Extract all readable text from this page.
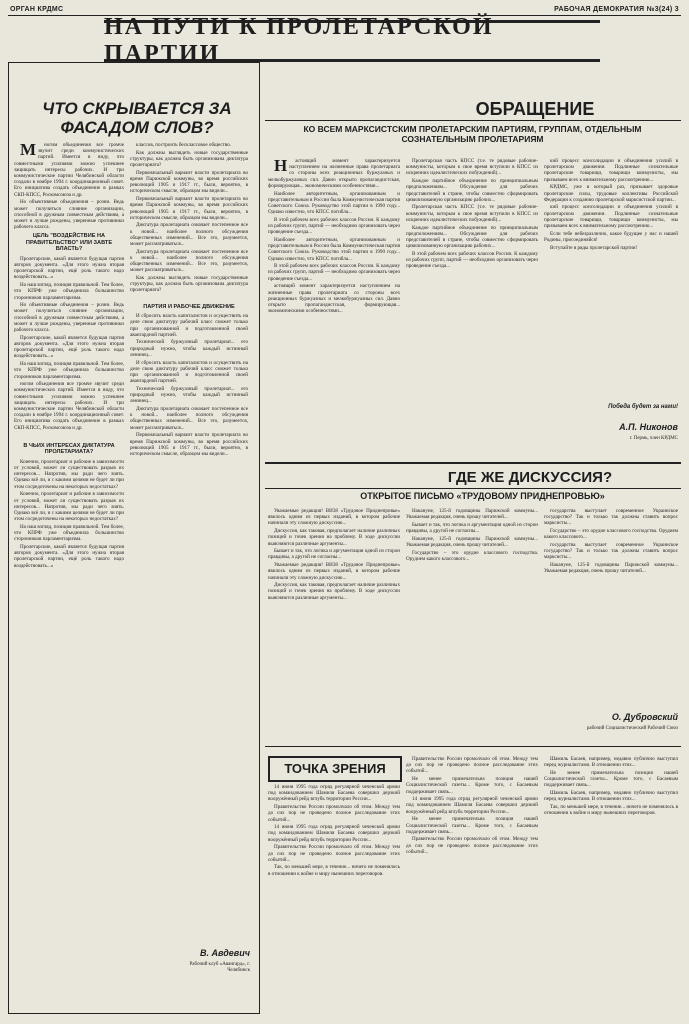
ОРГАН КРДМС	РАБОЧАЯ ДЕМОКРАТИЯ №3(24) 3
НА ПУТИ К ПРОЛЕТАРСКОЙ ПАРТИИ
ЧТО СКРЫВАЕТСЯ ЗА ФАСАДОМ СЛОВ?

М ногим объединения все громче звучит среди коммунистических партий. Имеется в виду, что совместными усилиями можно успешнее защищать интересы рабочих. И три коммунистические партии Челябинской области создали в ноябре 1994 г. координационный совет. Его инициатива создать объединение в рамках СКП-КПСС, Роскомсоюза и др.

Но объективные объединения – розни. Ведь может получиться слияние организации, способной в дружным совместным действиям, а может и лучше рождены, уверенные противники рабочего класса.

ЦЕЛЬ "ВОЗДЕЙСТВИЕ НА ПРАВИТЕЛЬСТВО" ИЛИ ЗАВТЕ ВЛАСТЬ?

Пролетарские, какой является будущая партия авторов документа. «Для этого нужна вторая пролетарской партии, ещё роль такого надо воздействовать...»

На наш взгляд, позиция правильной. Тем более, что КПРФ уже объединила большинство сторонников парламентаризма.

Но объективные объединения – розни. Ведь может получиться слияние организации, способной в дружным совместным действиям, а может и лучше рождены, уверенные противники рабочего класса.

Пролетарские, какой является будущая партия авторов документа. «Для этого нужна вторая пролетарской партии, ещё роль такого надо воздействовать...»

На наш взгляд, позиция правильной. Тем более, что КПРФ уже объединила большинство сторонников парламентаризма.

ногим объединения все громче звучит среди коммунистических партий. Имеется в виду, что совместными усилиями можно успешнее защищать интересы рабочих. И три коммунистические партии Челябинской области создали в ноябре 1994 г. координационный совет. Его инициатива создать объединение в рамках СКП-КПСС, Роскомсоюза и др.

В ЧЬИХ ИНТЕРЕСАХ ДИКТАТУРА ПРОЛЕТАРИАТА?

Конечно, пролетариат и рабочие в зависимости от условий, может ли существовать разрыв их интересов... Напротив, мы ради чего взять. Однако всё ли, и с какими целями не будет ли при этом сосредоточены на некоторых недостатках?

Конечно, пролетариат и рабочие в зависимости от условий, может ли существовать разрыв их интересов... Напротив, мы ради чего взять. Однако всё ли, и с какими целями не будет ли при этом сосредоточены на некоторых недостатках?

На наш взгляд, позиция правильной. Тем более, что КПРФ уже объединила большинство сторонников парламентаризма.

Пролетарские, какой является будущая партия авторов документа. «Для этого нужна вторая пролетарской партии, ещё роль такого надо воздействовать...»

классов, построить бесклассовое общество.

Как должны выглядеть новые государственные структуры, как должна быть организована диктатура пролетариата?

Первоначальный вариант власти пролетариата во время Парижской коммуны, во время российских революций 1905 и 1917 гг., были, вероятно, в историческом смысле, образцом мы видели...

Первоначальный вариант власти пролетариата во время Парижской коммуны, во время российских революций 1905 и 1917 гг., были, вероятно, в историческом смысле, образцом мы видели...

Диктатура пролетариата означает постепенное все к новой... наиболее полного обсуждения общественных изменений... Все это, разумеется, может рассматриваться...

Диктатура пролетариата означает постепенное все к новой... наиболее полного обсуждения общественных изменений... Все это, разумеется, может рассматриваться...

Как должны выглядеть новые государственные структуры, как должна быть организована диктатура пролетариата?

ПАРТИЯ И РАБОЧЕЕ ДВИЖЕНИЕ

И сбросить власть капиталистов и осуществить на деле свою диктатуру рабочий класс сможет только при организованной и подготовленной своей авангардной партией.

Технический буржуазный пролетариат... его природный нужно, чтобы каждый истинный ленинец...

И сбросить власть капиталистов и осуществить на деле свою диктатуру рабочий класс сможет только при организованной и подготовленной своей авангардной партией.

Технический буржуазный пролетариат... его природный нужно, чтобы каждый истинный ленинец...

Диктатура пролетариата означает постепенное все к новой... наиболее полного обсуждения общественных изменений... Все это, разумеется, может рассматриваться...

Первоначальный вариант власти пролетариата во время Парижской коммуны, во время российских революций 1905 и 1917 гг., были, вероятно, в историческом смысле, образцом мы видели...

В. Авдевич
Рабочий клуб «Авангард», г. Челябинск
ОБРАЩЕНИЕ
КО ВСЕМ МАРКСИСТСКИМ ПРОЛЕТАРСКИМ ПАРТИЯМ, ГРУППАМ, ОТДЕЛЬНЫМ СОЗНАТЕЛЬНЫМ ПРОЛЕТАРИЯМ

Н астоящий момент характеризуется наступлением на жизненные права пролетариата со стороны всех реакционных буржуазных и мелкобуржуазных сил. Давно открыто пропагандистская, формирующая... экономическими особенностями...

Наиболее авторитетным, организованным и представительным в России была Коммунистическая партия Советского Союза. Руководство этой партии в 1990 году... Однако известно, что КПСС погибла...

В этой рабочем всех рабочих классов России. К каждому из рабочих групп, партий — необходимо организовать через проведение съезда...

Наиболее авторитетным, организованным и представительным в России была Коммунистическая партия Советского Союза. Руководство этой партии в 1990 году... Однако известно, что КПСС погибла...

В этой рабочем всех рабочих классов России. К каждому из рабочих групп, партий — необходимо организовать через проведение съезда...

астоящий момент характеризуется наступлением на жизненные права пролетариата со стороны всех реакционных буржуазных и мелкобуржуазных сил. Давно открыто пропагандистская, формирующая... экономическими особенностями...

Пролетарская часть КПСС (т.е. те рядовые рабочие-коммунисты, которым к свое время вступили в КПСС из искренних идеалистических побуждений)...

Каждое партийное объединение по принципиальным предположениям... Обсуждение для рабочих представителей в стране, чтобы совместно сформировать цивилизованную организацию рабочих...

Пролетарская часть КПСС (т.е. те рядовые рабочие-коммунисты, которым к свое время вступили в КПСС из искренних идеалистических побуждений)...

Каждое партийное объединение по принципиальным предположениям... Обсуждение для рабочих представителей в стране, чтобы совместно сформировать цивилизованную организацию рабочих...

В этой рабочем всех рабочих классов России. К каждому из рабочих групп, партий — необходимо организовать через проведение съезда...

кий процесс консолидации и объединения усилий в пролетарском движении. Подлинные сознательные пролетарские товарищи, товарищи коммунисты, мы призываем всех к внимательному рассмотрению...

КРДМС, уже в который раз, призывает здоровые пролетарские силы, трудовые коллективы Российской Федерации к созданию пролетарской марксистской партии...

кий процесс консолидации и объединения усилий в пролетарском движении. Подлинные сознательные пролетарские товарищи, товарищи коммунисты, мы призываем всех к внимательному рассмотрению...

Если тебе небезразлично, какое будущее у нас и нашей Родины, присоединяйся!

Вступайте в ряды пролетарской партии!

Победа будет за нами!
А.П. Никонов
г. Пермь, член КРДМС
ГДЕ ЖЕ ДИСКУССИЯ?
ОТКРЫТОЕ ПИСЬМО «ТРУДОВОМУ ПРИДНЕПРОВЬЮ»

Уважаемые редакция! ВИ38 «Трудовое Приднепровье» явилось одним из первых изданий, в котором рабочие начинали эту сложную дискуссию...

Дискуссия, как таковая, предполагает наличие различных позиций и точек зрения на проблему. В ходе дискуссии выясняются различные аргументы...

Бывает и так, что логика и аргументация одной из сторон правдивы, а другой не согласны...

Уважаемые редакция! ВИ38 «Трудовое Приднепровье» явилось одним из первых изданий, в котором рабочие начинали эту сложную дискуссию...

Дискуссия, как таковая, предполагает наличие различных позиций и точек зрения на проблему. В ходе дискуссии выясняются различные аргументы...

Накануне, 125-й годовщины Парижской коммуны... Уважаемая редакция, очень прошу читателей...

Бывает и так, что логика и аргументация одной из сторон правдивы, а другой не согласны...

Накануне, 125-й годовщины Парижской коммуны... Уважаемая редакция, очень прошу читателей...

Государство – это орудие классового господства. Орудием какого классового...

государства выступает современное Украинское государство? Так и только так должны ставить вопрос марксисты...

Государство – это орудие классового господства. Орудием какого классового...

государства выступает современное Украинское государство? Так и только так должны ставить вопрос марксисты...

Накануне, 125-й годовщины Парижской коммуны... Уважаемая редакция, очень прошу читателей...

О. Дубровский
рабочий Социалистический Рабочий Союз
ТОЧКА ЗРЕНИЯ

14 июня 1995 года отряд регулярной чеченской армии под командованием Шамиля Басаева совершил дерзкий вооружённый рейд вглубь территории России...

Правительство России промолчало об этом. Между тем до сих пор не проведено полное расследование этих событий...

14 июня 1995 года отряд регулярной чеченской армии под командованием Шамиля Басаева совершил дерзкий вооружённый рейд вглубь территории России...

Правительство России промолчало об этом. Между тем до сих пор не проведено полное расследование этих событий...

Так, по меньшей мере, в течение... ничего не поменялось в отношении к войне и миру нынешних переговоров.

Правительство России промолчало об этом. Между тем до сих пор не проведено полное расследование этих событий...

Не менее примечательна позиция нашей Социалистической газеты... Кроме того, с Басаевым поддерживает связь...

14 июня 1995 года отряд регулярной чеченской армии под командованием Шамиля Басаева совершил дерзкий вооружённый рейд вглубь территории России...

Не менее примечательна позиция нашей Социалистической газеты... Кроме того, с Басаевым поддерживает связь...

Правительство России промолчало об этом. Между тем до сих пор не проведено полное расследование этих событий...

Шамиль Басаев, например, недавно публично выступил перед журналистами. В отношении этих...

Не менее примечательна позиция нашей Социалистической газеты... Кроме того, с Басаевым поддерживает связь...

Шамиль Басаев, например, недавно публично выступил перед журналистами. В отношении этих...

Так, по меньшей мере, в течение... ничего не поменялось в отношении к войне и миру нынешних переговоров.
